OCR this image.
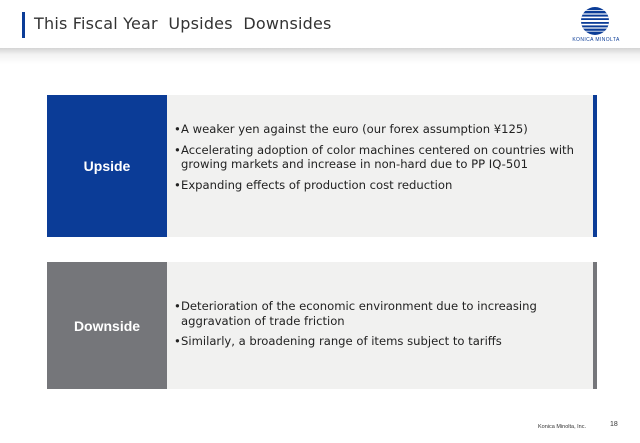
This Fiscal Year  Upsides  Downsides
KONICA MINOLTA
Upside
• A weaker yen against the euro (our forex assumption ¥125)
• Accelerating adoption of color machines centered on countries with growing markets and increase in non-hard due to PP IQ-501
• Expanding effects of production cost reduction
Downside
• Deterioration of the economic environment due to increasing aggravation of trade friction
• Similarly, a broadening range of items subject to tariffs
Konica Minolta, Inc.	18
